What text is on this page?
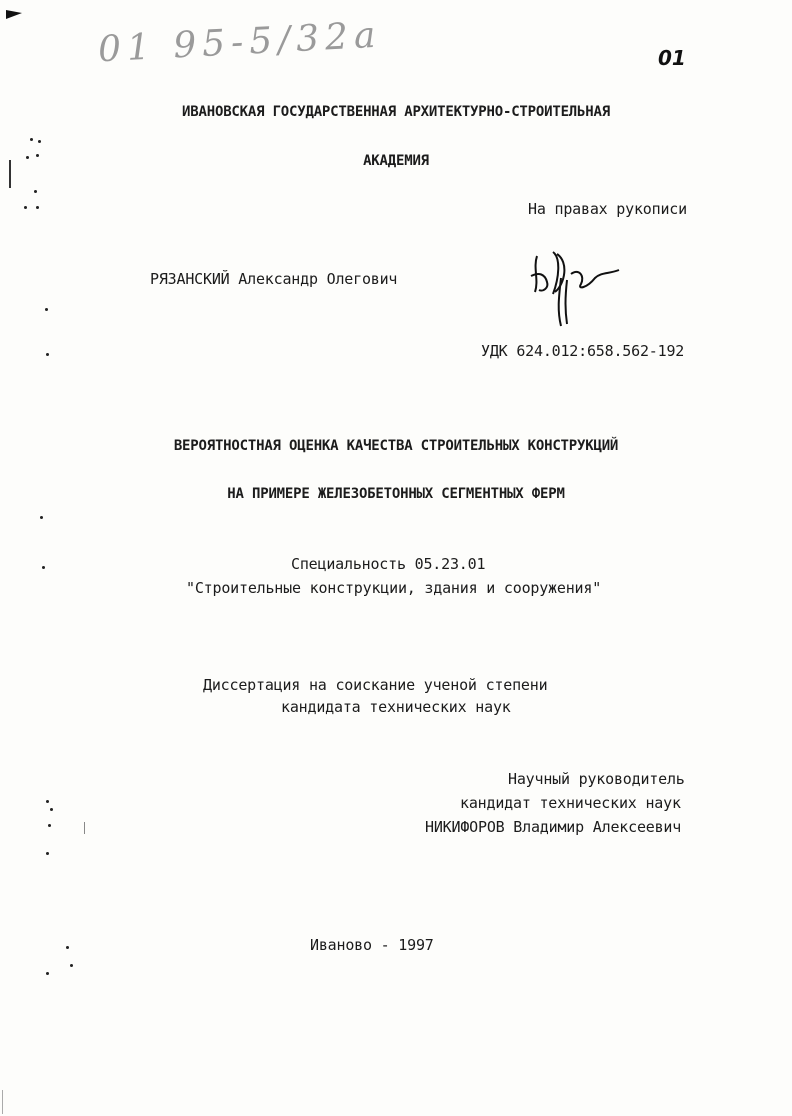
01 95-5/32a	01
ИВАНОВСКАЯ ГОСУДАРСТВЕННАЯ АРХИТЕКТУРНО-СТРОИТЕЛЬНАЯ
АКАДЕМИЯ
На правах рукописи
РЯЗАНСКИЙ Александр Олегович
УДК 624.012:658.562-192
ВЕРОЯТНОСТНАЯ ОЦЕНКА КАЧЕСТВА СТРОИТЕЛЬНЫХ КОНСТРУКЦИЙ
НА ПРИМЕРЕ ЖЕЛЕЗОБЕТОННЫХ СЕГМЕНТНЫХ ФЕРМ
Специальность 05.23.01
"Строительные конструкции, здания и сооружения"
Диссертация на соискание ученой степени
кандидата технических наук
Научный руководитель
кандидат технических наук
НИКИФОРОВ Владимир Алексеевич
Иваново - 1997
